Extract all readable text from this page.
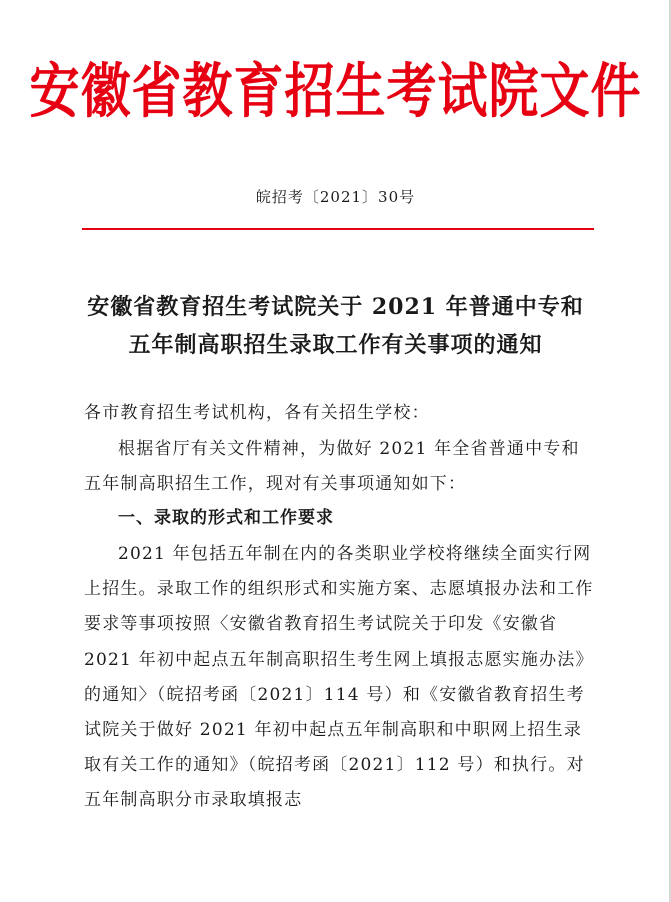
安徽省教育招生考试院文件
皖招考〔2021〕30号
安徽省教育招生考试院关于 2021 年普通中专和
五年制高职招生录取工作有关事项的通知
各市教育招生考试机构，各有关招生学校：
根据省厅有关文件精神，为做好 2021 年全省普通中专和五年制高职招生工作，现对有关事项通知如下：
一、录取的形式和工作要求
2021 年包括五年制在内的各类职业学校将继续全面实行网上招生。录取工作的组织形式和实施方案、志愿填报办法和工作要求等事项按照〈安徽省教育招生考试院关于印发《安徽省 2021 年初中起点五年制高职招生考生网上填报志愿实施办法》的通知〉（皖招考函〔2021〕114 号）和《安徽省教育招生考试院关于做好 2021 年初中起点五年制高职和中职网上招生录取有关工作的通知》（皖招考函〔2021〕112 号）和执行。对五年制高职分市录取填报志
